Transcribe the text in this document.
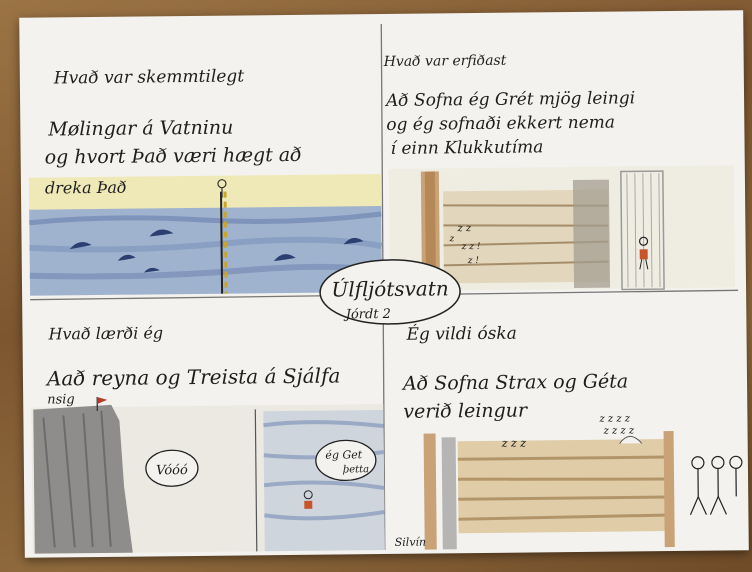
Hvað var skemmtilegt
Mølingar á Vatninu
og hvort Það væri hægt að
dreka Það
Hvað var erfiðast
Að Sofna ég Grét mjög leingi
og ég sofnaði ekkert nema
í einn Klukkutíma
z z
z
z z !
z !
Úlfljótsvatn
Jórdt 2
Vóóó
ég Get
þetta
Hvað lærði ég
Aað reyna og Treista á Sjálfa
nsig
Ég vildi óska
Að Sofna Strax og Géta
verið leingur
z z z
z z z z
z z z z
Silvín
